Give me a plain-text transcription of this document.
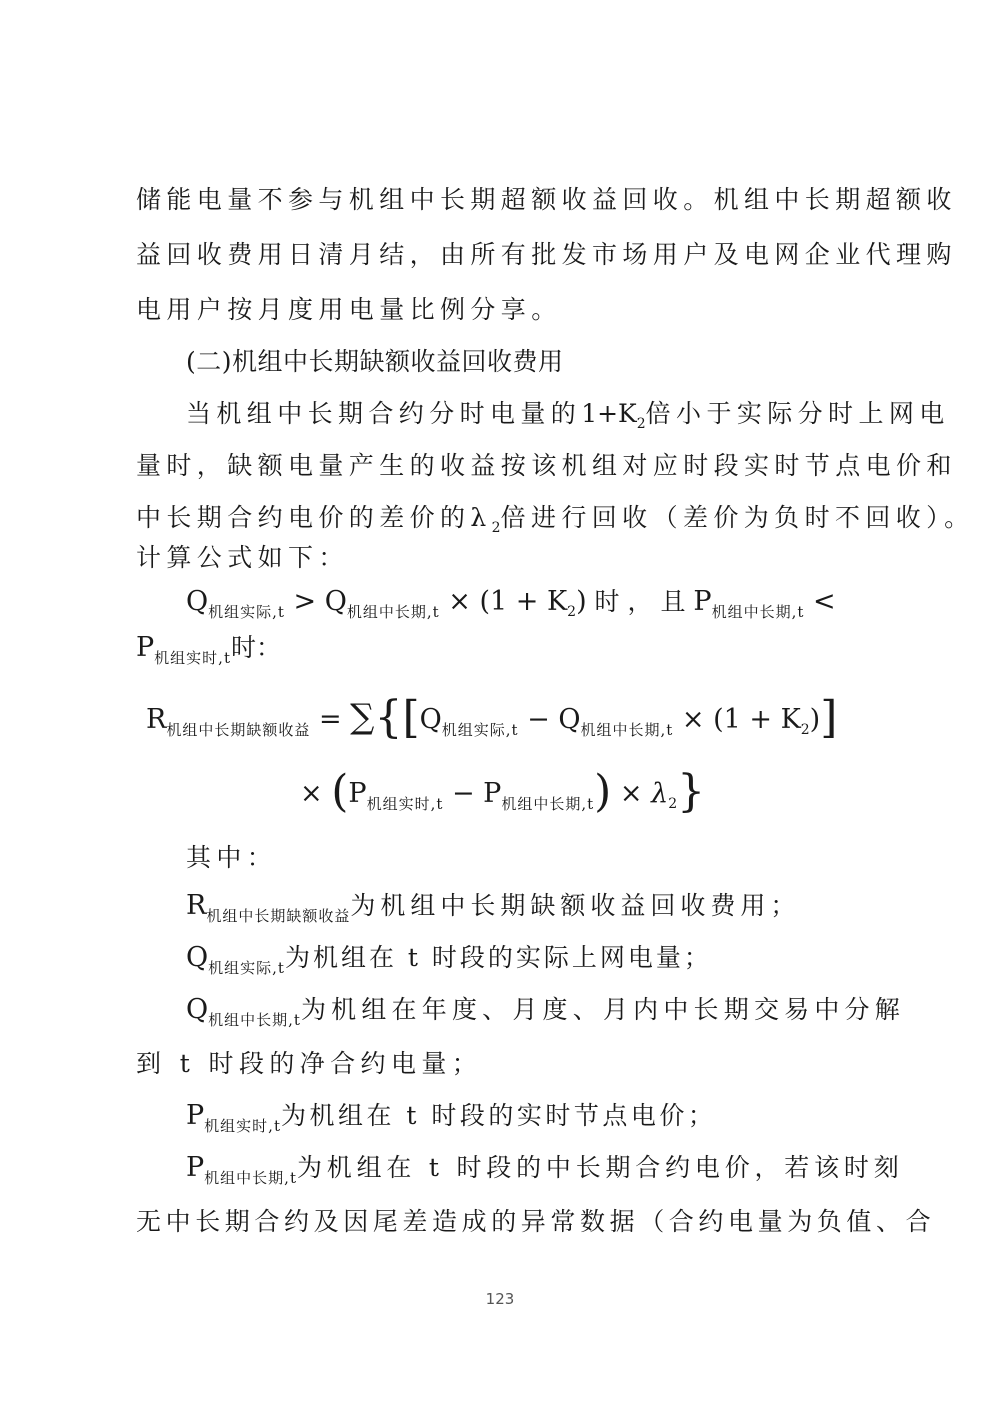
储能电量不参与机组中长期超额收益回收。机组中长期超额收
益回收费用日清月结，由所有批发市场用户及电网企业代理购
电用户按月度用电量比例分享。
(二)机组中长期缺额收益回收费用
当机组中长期合约分时电量的$1+K_2$倍小于实际分时上网电
量时，缺额电量产生的收益按该机组对应时段实时节点电价和
中长期合约电价的差价的$\lambda_2$倍进行回收（差价为负时不回收）。
计算公式如下：
$Q_{机组实际,t} > Q_{机组中长期,t} \times (1 + K_2)$ 时 ， 且 $P_{机组中长期,t}$ <
$P_{机组实时,t}$时：
$R_{机组中长期缺额收益} = \sum\{[Q_{机组实际,t} - Q_{机组中长期,t} \times (1 + K_2)]$
× $(P_{机组实时,t} - P_{机组中长期,t}) \times \lambda_2$}
其中：
$R_{机组中长期缺额收益}$为机组中长期缺额收益回收费用；
$Q_{机组实际,t}$为机组在 t 时段的实际上网电量；
$Q_{机组中长期,t}$为机组在年度、月度、月内中长期交易中分解
到 t 时段的净合约电量；
$P_{机组实时,t}$为机组在 t 时段的实时节点电价；
$P_{机组中长期,t}$为机组在 t 时段的中长期合约电价，若该时刻
无中长期合约及因尾差造成的异常数据（合约电量为负值、合
123
